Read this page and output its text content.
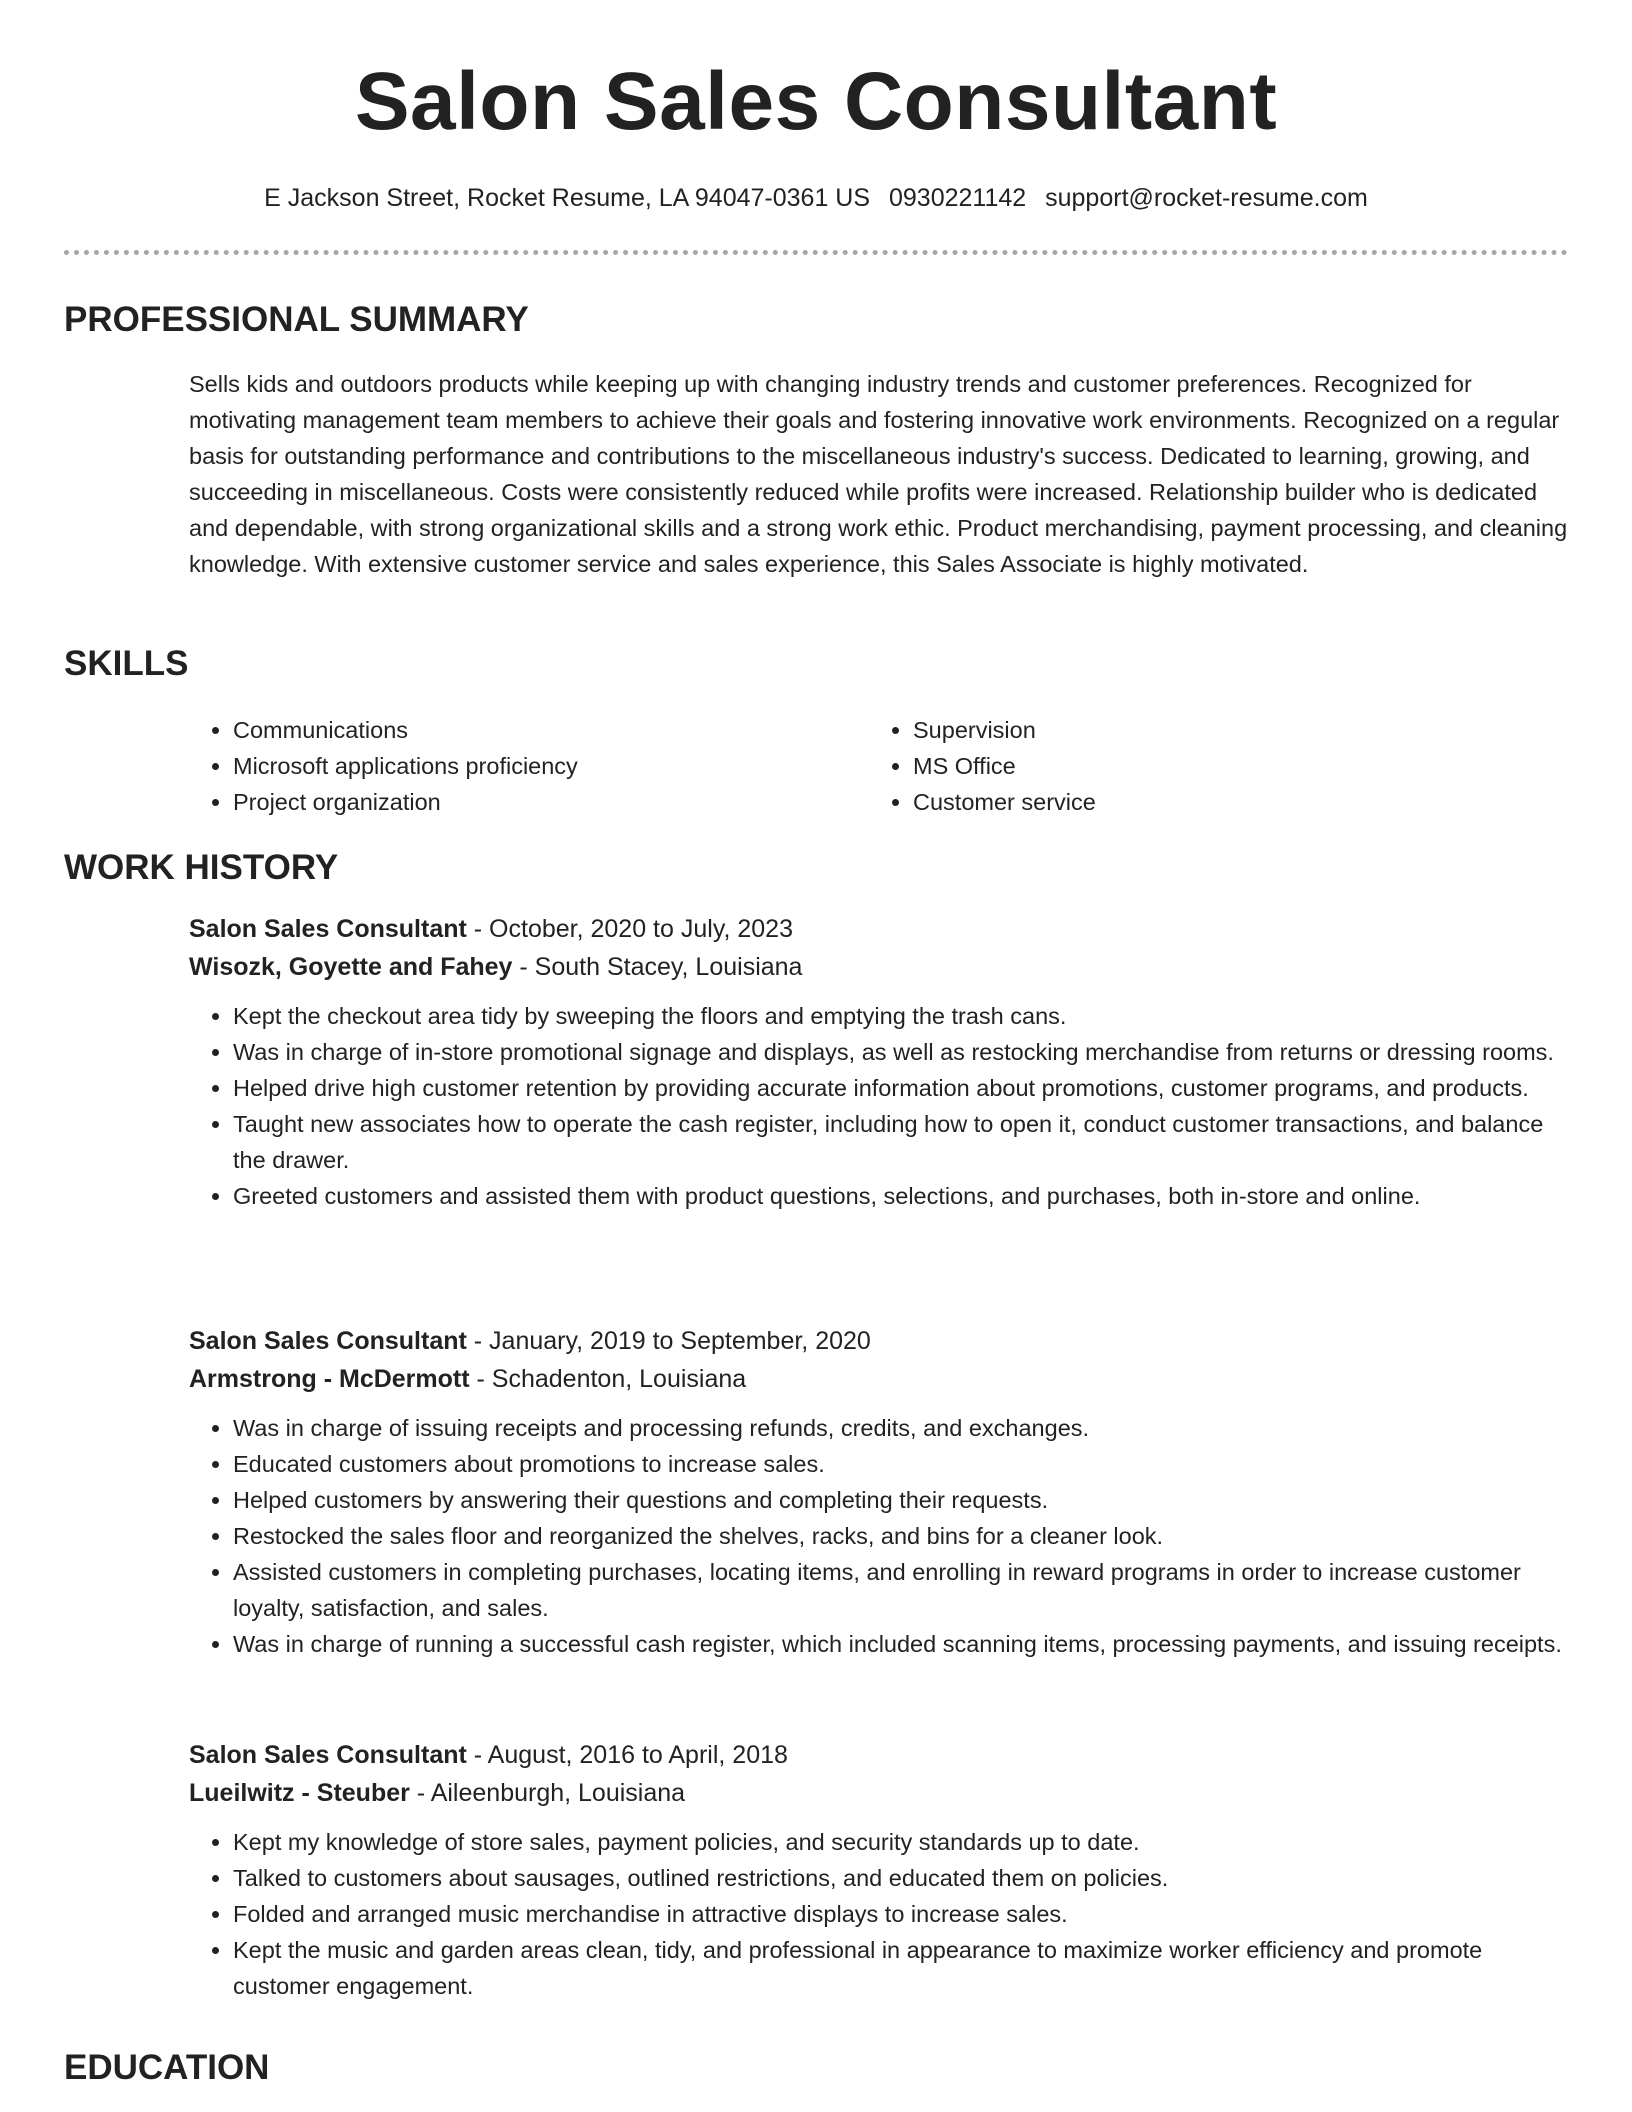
Salon Sales Consultant
E Jackson Street, Rocket Resume, LA 94047-0361 US 0930221142 support@rocket-resume.com
PROFESSIONAL SUMMARY

Sells kids and outdoors products while keeping up with changing industry trends and customer preferences. Recognized for motivating management team members to achieve their goals and fostering innovative work environments. Recognized on a regular basis for outstanding performance and contributions to the miscellaneous industry's success. Dedicated to learning, growing, and succeeding in miscellaneous. Costs were consistently reduced while profits were increased. Relationship builder who is dedicated and dependable, with strong organizational skills and a strong work ethic. Product merchandising, payment processing, and cleaning knowledge. With extensive customer service and sales experience, this Sales Associate is highly motivated.

SKILLS
• Communications
• Microsoft applications proficiency
• Project organization
• Supervision
• MS Office
• Customer service
WORK HISTORY

Salon Sales Consultant - October, 2020 to July, 2023

Wisozk, Goyette and Fahey - South Stacey, Louisiana

• Kept the checkout area tidy by sweeping the floors and emptying the trash cans.
• Was in charge of in-store promotional signage and displays, as well as restocking merchandise from returns or dressing rooms.
• Helped drive high customer retention by providing accurate information about promotions, customer programs, and products.
• Taught new associates how to operate the cash register, including how to open it, conduct customer transactions, and balance the drawer.
• Greeted customers and assisted them with product questions, selections, and purchases, both in-store and online.

Salon Sales Consultant - January, 2019 to September, 2020

Armstrong - McDermott - Schadenton, Louisiana

• Was in charge of issuing receipts and processing refunds, credits, and exchanges.
• Educated customers about promotions to increase sales.
• Helped customers by answering their questions and completing their requests.
• Restocked the sales floor and reorganized the shelves, racks, and bins for a cleaner look.
• Assisted customers in completing purchases, locating items, and enrolling in reward programs in order to increase customer loyalty, satisfaction, and sales.
• Was in charge of running a successful cash register, which included scanning items, processing payments, and issuing receipts.

Salon Sales Consultant - August, 2016 to April, 2018

Lueilwitz - Steuber - Aileenburgh, Louisiana

• Kept my knowledge of store sales, payment policies, and security standards up to date.
• Talked to customers about sausages, outlined restrictions, and educated them on policies.
• Folded and arranged music merchandise in attractive displays to increase sales.
• Kept the music and garden areas clean, tidy, and professional in appearance to maximize worker efficiency and promote customer engagement.
EDUCATION
